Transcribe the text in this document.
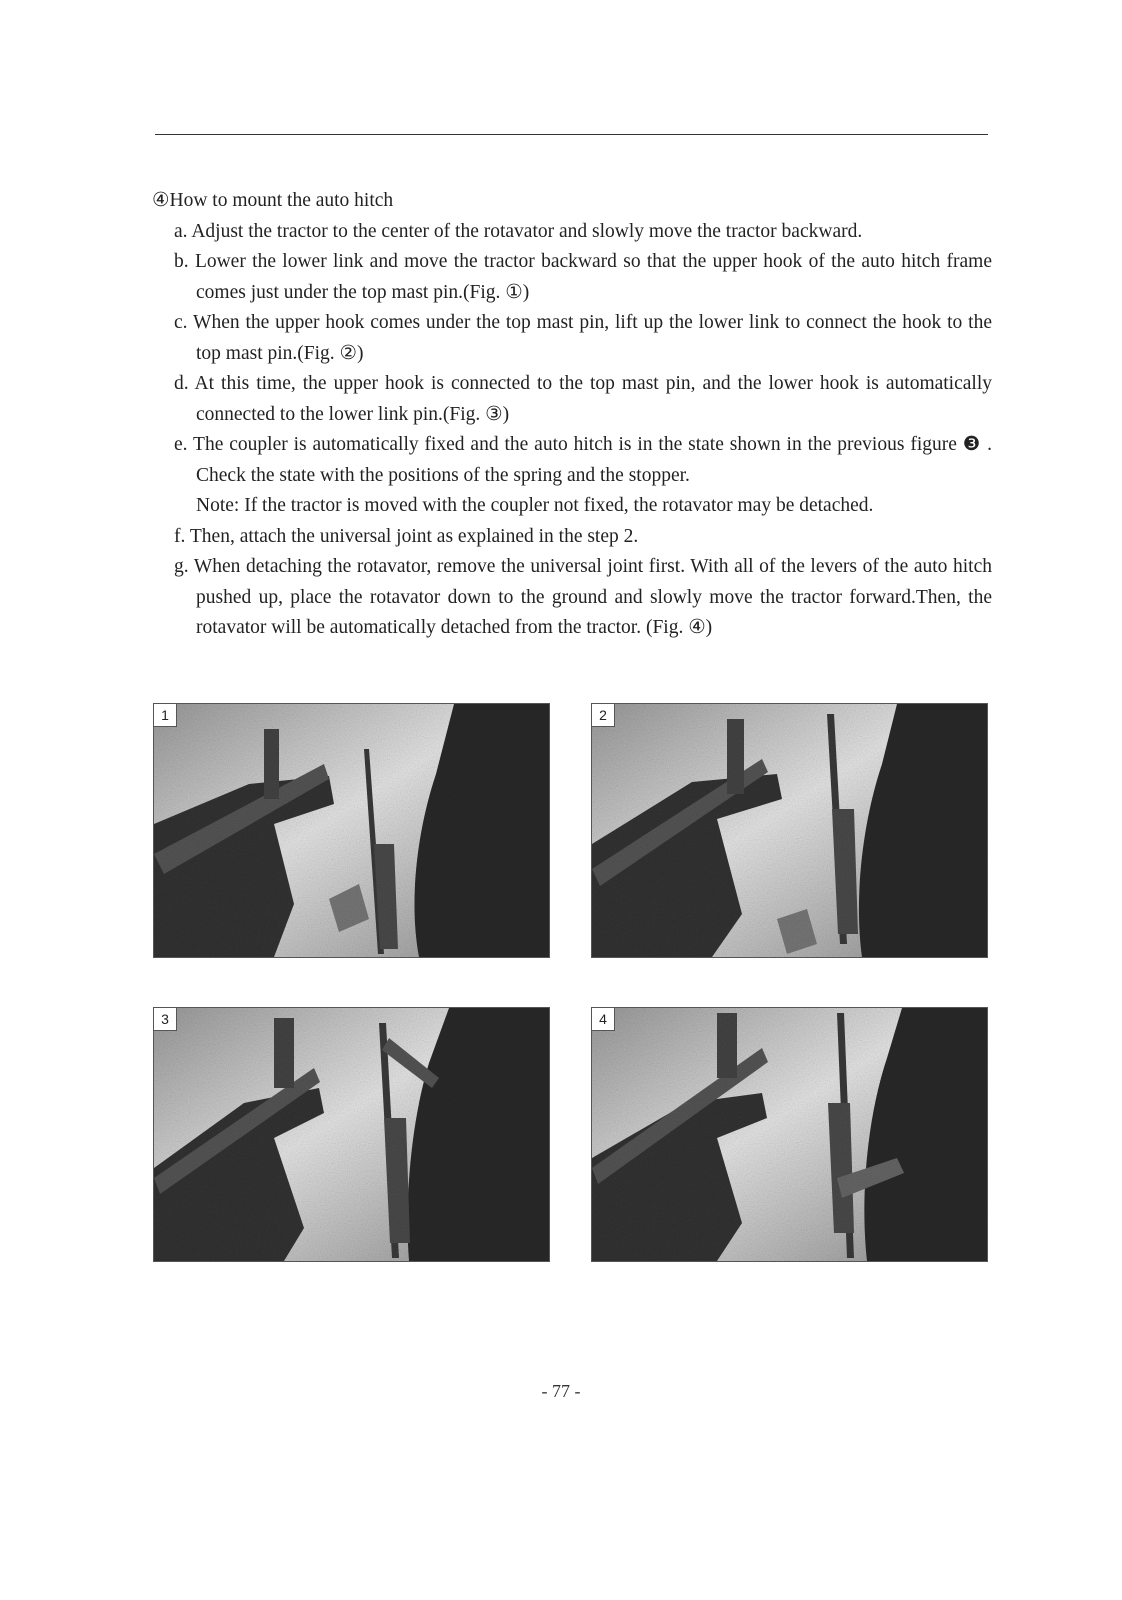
④How to mount the auto hitch

a. Adjust the tractor to the center of the rotavator and slowly move the tractor backward.

b. Lower the lower link and move the tractor backward so that the upper hook of the auto hitch frame comes just under the top mast pin.(Fig. ①)

c. When the upper hook comes under the top mast pin, lift up the lower link to connect the hook to the top mast pin.(Fig. ②)

d. At this time, the upper hook is connected to the top mast pin, and the lower hook is automatically connected to the lower link pin.(Fig. ③)

e. The coupler is automatically fixed and the auto hitch is in the state shown in the previous figure ❸ . Check the state with the positions of the spring and the stopper.

Note: If the tractor is moved with the coupler not fixed, the rotavator may be detached.

f. Then, attach the universal joint as explained in the step 2.

g. When detaching the rotavator, remove the universal joint first. With all of the levers of the auto hitch pushed up, place the rotavator down to the ground and slowly move the tractor forward.Then, the rotavator will be automatically detached from the tractor. (Fig. ④)

1	2
3	4
- 77 -
